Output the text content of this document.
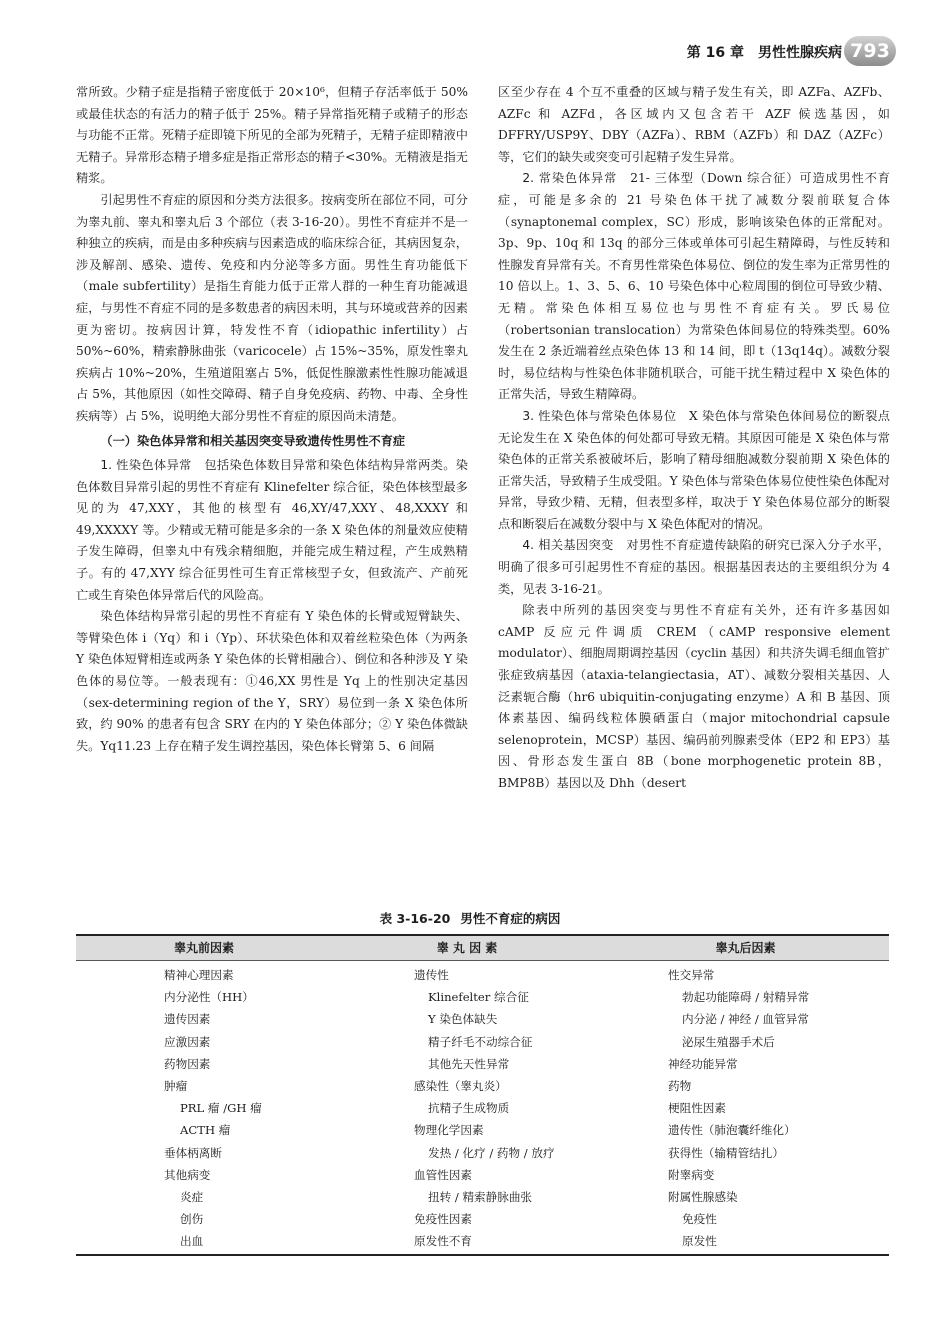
第 16 章　男性性腺疾病 793

常所致。少精子症是指精子密度低于 20×10⁶，但精子存活率低于 50% 或最佳状态的有活力的精子低于 25%。精子异常指死精子或精子的形态与功能不正常。死精子症即镜下所见的全部为死精子，无精子症即精液中无精子。异常形态精子增多症是指正常形态的精子<30%。无精液是指无精浆。

引起男性不育症的原因和分类方法很多。按病变所在部位不同，可分为睾丸前、睾丸和睾丸后 3 个部位（表 3-16-20）。男性不育症并不是一种独立的疾病，而是由多种疾病与因素造成的临床综合征，其病因复杂，涉及解剖、感染、遗传、免疫和内分泌等多方面。男性生育功能低下（male subfertility）是指生育能力低于正常人群的一种生育功能减退症，与男性不育症不同的是多数患者的病因未明，其与环境或营养的因素更为密切。按病因计算，特发性不育（idiopathic infertility）占 50%~60%，精索静脉曲张（varicocele）占 15%~35%，原发性睾丸疾病占 10%~20%，生殖道阻塞占 5%，低促性腺激素性性腺功能减退占 5%，其他原因（如性交障碍、精子自身免疫病、药物、中毒、全身性疾病等）占 5%，说明绝大部分男性不育症的原因尚未清楚。

（一）染色体异常和相关基因突变导致遗传性男性不育症

1. 性染色体异常　 包括染色体数目异常和染色体结构异常两类。染色体数目异常引起的男性不育症有 Klinefelter 综合征，染色体核型最多见的为 47,XXY，其他的核型有 46,XY/47,XXY、48,XXXY 和 49,XXXXY 等。少精或无精可能是多余的一条 X 染色体的剂量效应使精子发生障碍，但睾丸中有残余精细胞，并能完成生精过程，产生成熟精子。有的 47,XYY 综合征男性可生育正常核型子女，但致流产、产前死亡或生育染色体异常后代的风险高。

染色体结构异常引起的男性不育症有 Y 染色体的长臂或短臂缺失、等臂染色体 i（Yq）和 i（Yp）、环状染色体和双着丝粒染色体（为两条 Y 染色体短臂相连或两条 Y 染色体的长臂相融合）、倒位和各种涉及 Y 染色体的易位等。一般表现有：①46,XX 男性是 Yq 上的性别决定基因（sex-determining region of the Y，SRY）易位到一条 X 染色体所致，约 90% 的患者有包含 SRY 在内的 Y 染色体部分；② Y 染色体微缺失。Yq11.23 上存在精子发生调控基因，染色体长臂第 5、6 间隔

区至少存在 4 个互不重叠的区域与精子发生有关，即 AZFa、AZFb、AZFc 和 AZFd，各区域内又包含若干 AZF 候选基因，如 DFFRY/USP9Y、DBY（AZFa）、RBM（AZFb）和 DAZ（AZFc）等，它们的缺失或突变可引起精子发生异常。

2. 常染色体异常　 21- 三体型（Down 综合征）可造成男性不育症，可能是多余的 21 号染色体干扰了减数分裂前联复合体（synaptonemal complex，SC）形成，影响该染色体的正常配对。3p、9p、10q 和 13q 的部分三体或单体可引起生精障碍，与性反转和性腺发育异常有关。不育男性常染色体易位、倒位的发生率为正常男性的 10 倍以上。1、3、5、6、10 号染色体中心粒周围的倒位可导致少精、无精。常染色体相互易位也与男性不育症有关。罗氏易位（robertsonian translocation）为常染色体间易位的特殊类型。60% 发生在 2 条近端着丝点染色体 13 和 14 间，即 t（13q14q）。减数分裂时，易位结构与性染色体非随机联合，可能干扰生精过程中 X 染色体的正常失活，导致生精障碍。

3. 性染色体与常染色体易位　 X 染色体与常染色体间易位的断裂点无论发生在 X 染色体的何处都可导致无精。其原因可能是 X 染色体与常染色体的正常关系被破坏后，影响了精母细胞减数分裂前期 X 染色体的正常失活，导致精子生成受阻。Y 染色体与常染色体易位使性染色体配对异常，导致少精、无精，但表型多样，取决于 Y 染色体易位部分的断裂点和断裂后在减数分裂中与 X 染色体配对的情况。

4. 相关基因突变　 对男性不育症遗传缺陷的研究已深入分子水平，明确了很多可引起男性不育症的基因。根据基因表达的主要组织分为 4 类，见表 3-16-21。

除表中所列的基因突变与男性不育症有关外，还有许多基因如 cAMP 反应元件调质 CREM（cAMP responsive element modulator）、细胞周期调控基因（cyclin 基因）和共济失调毛细血管扩张症致病基因（ataxia-telangiectasia，AT）、减数分裂相关基因、人泛素轭合酶（hr6 ubiquitin-conjugating enzyme）A 和 B 基因、顶体素基因、编码线粒体膜硒蛋白（major mitochondrial capsule selenoprotein，MCSP）基因、编码前列腺素受体（EP2 和 EP3）基因、骨形态发生蛋白 8B（bone morphogenetic protein 8B，BMP8B）基因以及 Dhh（desert

表 3-16-20 男性不育症的病因
睾丸前因素	睾 丸 因 素	睾丸后因素
精神心理因素
内分泌性（HH）
遗传因素
应激因素
药物因素
肿瘤
PRL 瘤 /GH 瘤
ACTH 瘤
垂体柄离断
其他病变
炎症
创伤
出血
遗传性
Klinefelter 综合征
Y 染色体缺失
精子纤毛不动综合征
其他先天性异常
感染性（睾丸炎）
抗精子生成物质
物理化学因素
发热 / 化疗 / 药物 / 放疗
血管性因素
扭转 / 精索静脉曲张
免疫性因素
原发性不育
性交异常
勃起功能障碍 / 射精异常
内分泌 / 神经 / 血管异常
泌尿生殖器手术后
神经功能异常
药物
梗阻性因素
遗传性（肺泡囊纤维化）
获得性（输精管结扎）
附睾病变
附属性腺感染
免疫性
原发性
